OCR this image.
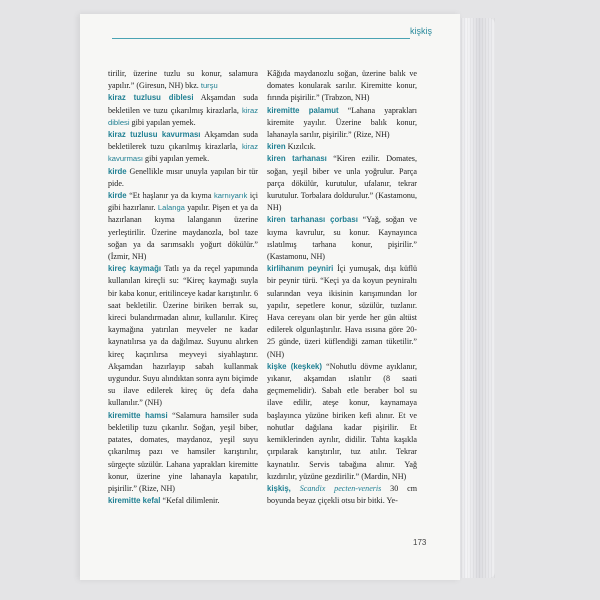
kişkiş

tirilir, üzerine tuzlu su konur, salamura yapılır.” (Giresun, NH) bkz. turşu

kiraz tuzlusu diblesi Akşamdan suda bekletilen ve tuzu çıkarılmış kirazlarla, kiraz diblesi gibi yapılan yemek.

kiraz tuzlusu kavurması Akşamdan suda bekletilerek tuzu çıkarılmış kirazlarla, kiraz kavurması gibi yapılan yemek.

kirde Genellikle mısır unuyla yapılan bir tür pide.

kirde “Et haşlanır ya da kıyma karnıyarık içi gibi hazırlanır. Lalanga yapılır. Pişen et ya da hazırlanan kıyma lalanganın üzerine yerleştirilir. Üzerine maydanozla, bol taze soğan ya da sarımsaklı yoğurt dökülür.” (İzmir, NH)

kireç kaymağı Tatlı ya da reçel yapımında kullanılan kireçli su: “Kireç kaymağı suyla bir kaba konur, eritilinceye kadar karıştırılır. 6 saat bekletilir. Üzerine biriken berrak su, kireci bulandırmadan alınır, kullanılır. Kireç kaymağına yatırılan meyveler ne kadar kaynatılırsa ya da dağılmaz. Suyunu alırken kireç kaçırılırsa meyveyi siyahlaştırır. Akşamdan hazırlayıp sabah kullanmak uygundur. Suyu alındıktan sonra aynı biçimde su ilave edilerek kireç üç defa daha kullanılır.” (NH)

kiremitte hamsi “Salamura hamsiler suda bekletilip tuzu çıkarılır. Soğan, yeşil biber, patates, domates, maydanoz, yeşil suyu çıkarılmış pazı ve hamsiler karıştırılır, sürgeçte süzülür. Lahana yaprakları kiremitte konur, üzerine yine lahanayla kapatılır, pişirilir.” (Rize, NH)

kiremitte kefal “Kefal dilimlenir.

Kâğıda maydanozlu soğan, üzerine balık ve domates konularak sarılır. Kiremitte konur, fırında pişirilir.” (Trabzon, NH)

kiremitte palamut “Lahana yaprakları kiremite yayılır. Üzerine balık konur, lahanayla sarılır, pişirilir.” (Rize, NH)

kiren Kızılcık.

kiren tarhanası “Kiren ezilir. Domates, soğan, yeşil biber ve unla yoğrulur. Parça parça dökülür, kurutulur, ufalanır, tekrar kurutulur. Torbalara doldurulur.” (Kastamonu, NH)

kiren tarhanası çorbası “Yağ, soğan ve kıyma kavrulur, su konur. Kaynayınca ıslatılmış tarhana konur, pişirilir.” (Kastamonu, NH)

kirlihanım peyniri İçi yumuşak, dışı küflü bir peynir türü. “Keçi ya da koyun peyniraltı sularından veya ikisinin karışımından lor yapılır, sepetlere konur, süzülür, tuzlanır. Hava cereyanı olan bir yerde her gün altüst edilerek olgunlaştırılır. Hava ısısına göre 20-25 günde, üzeri küflendiği zaman tüketilir.” (NH)

kişke (keşkek) “Nohutlu dövme ayıklanır, yıkanır, akşamdan ıslatılır (8 saati geçmemelidir). Sabah etle beraber bol su ilave edilir, ateşe konur, kaynamaya başlayınca yüzüne biriken kefi alınır. Et ve nohutlar dağılana kadar pişirilir. Et kemiklerinden ayrılır, didilir. Tahta kaşıkla çırpılarak karıştırılır, tuz atılır. Tekrar kaynatılır. Servis tabağına alınır. Yağ kızdırılır, yüzüne gezdirilir.” (Mardin, NH)

kişkiş, Scandix pecten-veneris 30 cm boyunda beyaz çiçekli otsu bir bitki. Ye-

173
